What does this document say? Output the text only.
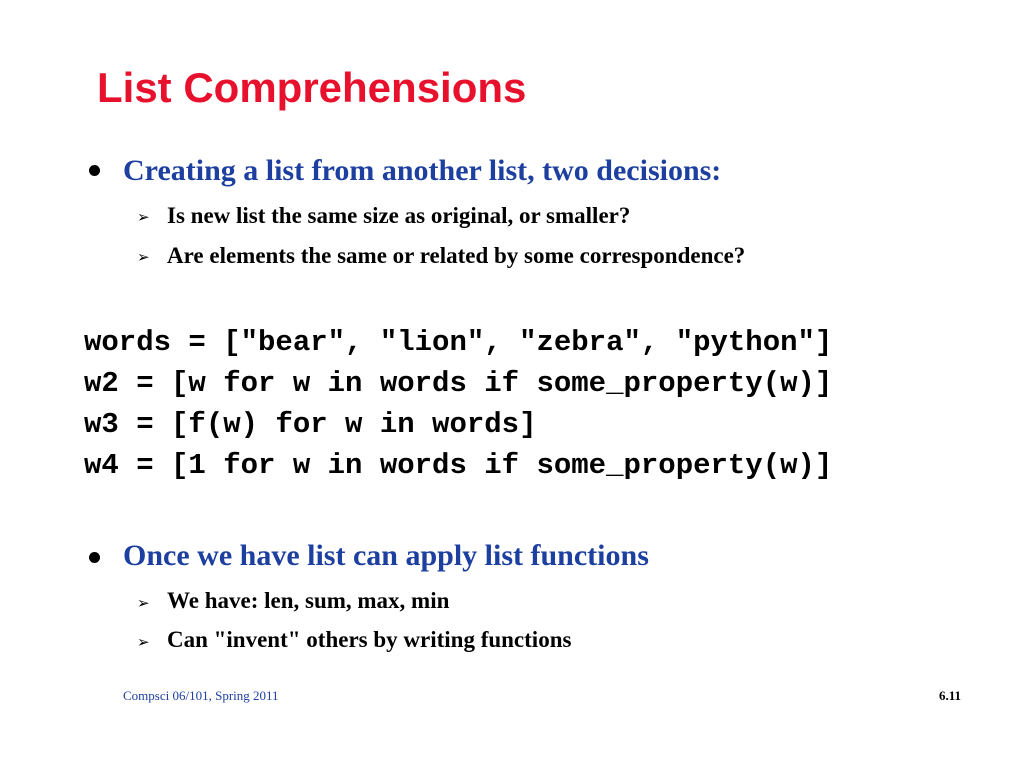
List Comprehensions
Creating a list from another list, two decisions:
➢ Is new list the same size as original, or smaller?
➢ Are elements the same or related by some correspondence?
words = ["bear", "lion", "zebra", "python"]
w2 = [w for w in words if some_property(w)]
w3 = [f(w) for w in words]
w4 = [1 for w in words if some_property(w)]
Once we have list can apply list functions
➢ We have: len, sum, max, min
➢ Can "invent" others by writing functions
Compsci 06/101, Spring 2011	6.11
